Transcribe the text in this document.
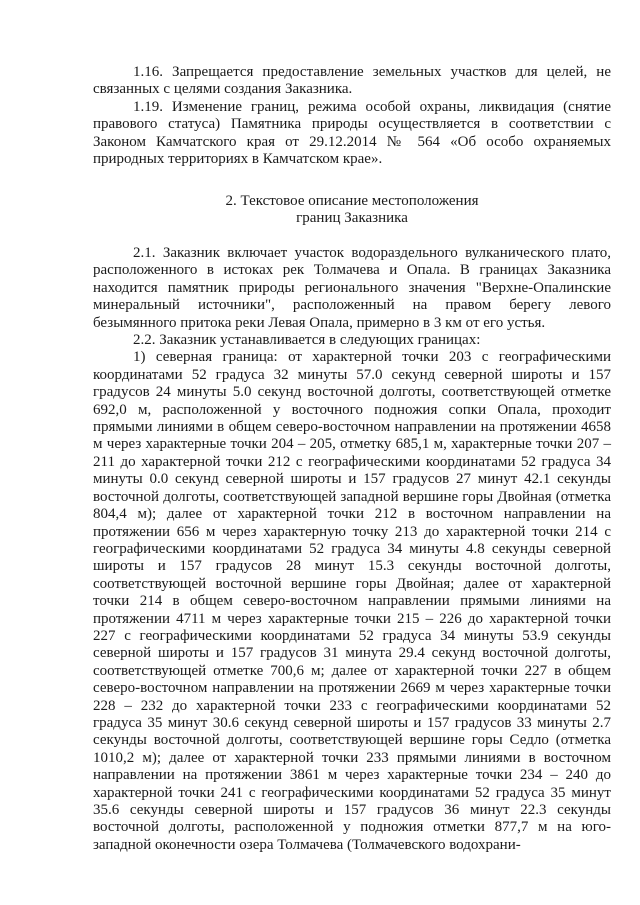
1.16. Запрещается предоставление земельных участков для целей, не связанных с целями создания Заказника.

1.19. Изменение границ, режима особой охраны, ликвидация (снятие правового статуса) Памятника природы осуществляется в соответствии с Законом Камчатского края от 29.12.2014 № 564 «Об особо охраняемых природных территориях в Камчатском крае».

2. Текстовое описание местоположения

границ Заказника

2.1. Заказник включает участок водораздельного вулканического плато, расположенного в истоках рек Толмачева и Опала. В границах Заказника находится памятник природы регионального значения "Верхне-Опалинские минеральный источники", расположенный на правом берегу левого безымянного притока реки Левая Опала, примерно в 3 км от его устья.

2.2. Заказник устанавливается в следующих границах:

1) северная граница: от характерной точки 203 с географическими координатами 52 градуса 32 минуты 57.0 секунд северной широты и 157 градусов 24 минуты 5.0 секунд восточной долготы, соответствующей отметке 692,0 м, расположенной у восточного подножия сопки Опала, проходит прямыми линиями в общем северо-восточном направлении на протяжении 4658 м через характерные точки 204 – 205, отметку 685,1 м, характерные точки 207 – 211 до характерной точки 212 с географическими координатами 52 градуса 34 минуты 0.0 секунд северной широты и 157 градусов 27 минут 42.1 секунды восточной долготы, соответствующей западной вершине горы Двойная (отметка 804,4 м); далее от характерной точки 212 в восточном направлении на протяжении 656 м через характерную точку 213 до характерной точки 214 с географическими координатами 52 градуса 34 минуты 4.8 секунды северной широты и 157 градусов 28 минут 15.3 секунды восточной долготы, соответствующей восточной вершине горы Двойная; далее от характерной точки 214 в общем северо-восточном направлении прямыми линиями на протяжении 4711 м через характерные точки 215 – 226 до характерной точки 227 с географическими координатами 52 градуса 34 минуты 53.9 секунды северной широты и 157 градусов 31 минута 29.4 секунд восточной долготы, соответствующей отметке 700,6 м; далее от характерной точки 227 в общем северо-восточном направлении на протяжении 2669 м через характерные точки 228 – 232 до характерной точки 233 с географическими координатами 52 градуса 35 минут 30.6 секунд северной широты и 157 градусов 33 минуты 2.7 секунды восточной долготы, соответствующей вершине горы Седло (отметка 1010,2 м); далее от характерной точки 233 прямыми линиями в восточном направлении на протяжении 3861 м через характерные точки 234 – 240 до характерной точки 241 с географическими координатами 52 градуса 35 минут 35.6 секунды северной широты и 157 градусов 36 минут 22.3 секунды восточной долготы, расположенной у подножия отметки 877,7 м на юго-западной оконечности озера Толмачева (Толмачевского водохрани-
